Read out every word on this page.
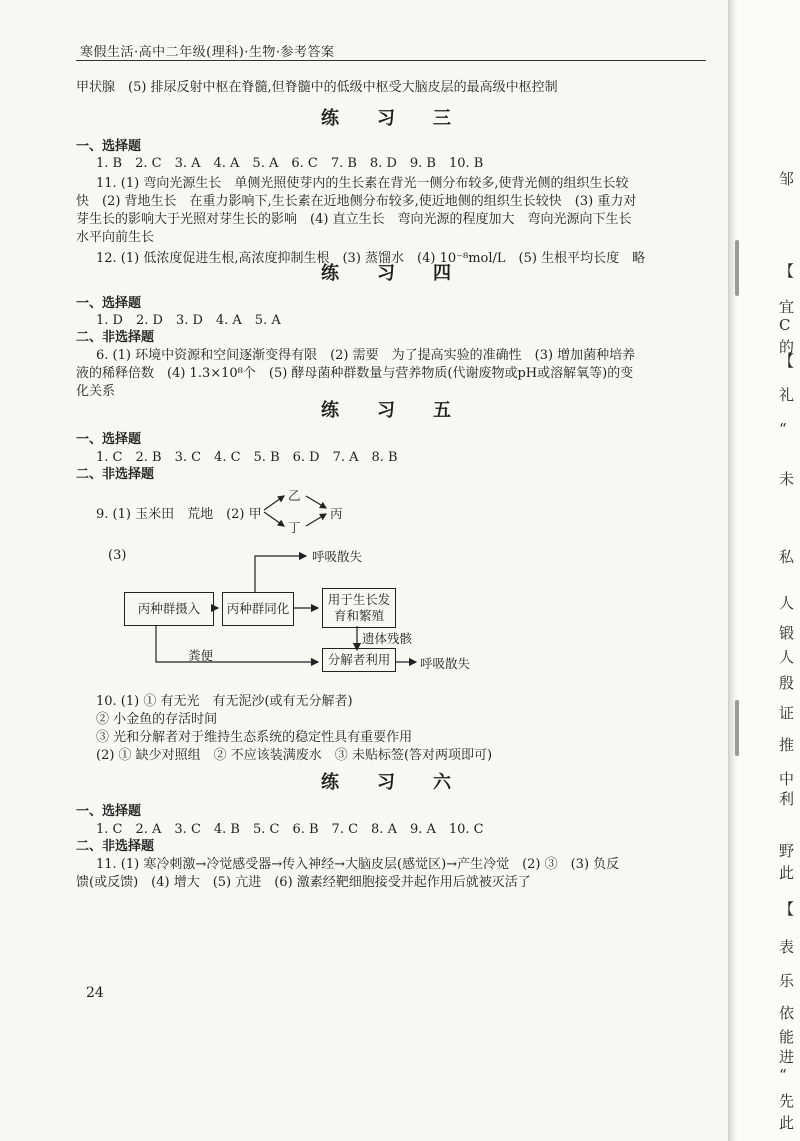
寒假生活·高中二年级(理科)·生物·参考答案
甲状腺　(5) 排尿反射中枢在脊髓,但脊髓中的低级中枢受大脑皮层的最高级中枢控制
练　习　三
一、选择题
1. B　2. C　3. A　4. A　5. A　6. C　7. B　8. D　9. B　10. B
11. (1) 弯向光源生长　单侧光照使芽内的生长素在背光一侧分布较多,使背光侧的组织生长较
快　(2) 背地生长　在重力影响下,生长素在近地侧分布较多,使近地侧的组织生长较快　(3) 重力对
芽生长的影响大于光照对芽生长的影响　(4) 直立生长　弯向光源的程度加大　弯向光源向下生长
水平向前生长
12. (1) 低浓度促进生根,高浓度抑制生根　(3) 蒸馏水　(4) 10⁻⁸mol/L　(5) 生根平均长度　略
练　习　四
一、选择题
1. D　2. D　3. D　4. A　5. A
二、非选择题
6. (1) 环境中资源和空间逐渐变得有限　(2) 需要　为了提高实验的准确性　(3) 增加菌种培养
液的稀释倍数　(4) 1.3×10⁸个　(5) 酵母菌种群数量与营养物质(代谢废物或pH或溶解氧等)的变
化关系
练　习　五
一、选择题
1. C　2. B　3. C　4. C　5. B　6. D　7. A　8. B
二、非选择题
9. (1) 玉米田　荒地　(2) 甲
乙
丙
丁
(3)
丙种群摄入	丙种群同化
用于生长发育和繁殖
分解者利用
呼吸散失
呼吸散失
遗体残骸
粪便
10. (1) ① 有无光　有无泥沙(或有无分解者)
② 小金鱼的存活时间
③ 光和分解者对于维持生态系统的稳定性具有重要作用
(2) ① 缺少对照组　② 不应该装满废水　③ 未贴标签(答对两项即可)
练　习　六
一、选择题
1. C　2. A　3. C　4. B　5. C　6. B　7. C　8. A　9. A　10. C
二、非选择题
11. (1) 寒冷刺激→冷觉感受器→传入神经→大脑皮层(感觉区)→产生冷觉　(2) ③　(3) 负反
馈(或反馈)　(4) 增大　(5) 亢进　(6) 激素经靶细胞接受并起作用后就被灭活了
24
邹
【
宜
C
的
【
礼
“
未
私
人
锻
人
殷
证
推
中
利
野
此
【
表
乐
依
能
进
“
先
此
